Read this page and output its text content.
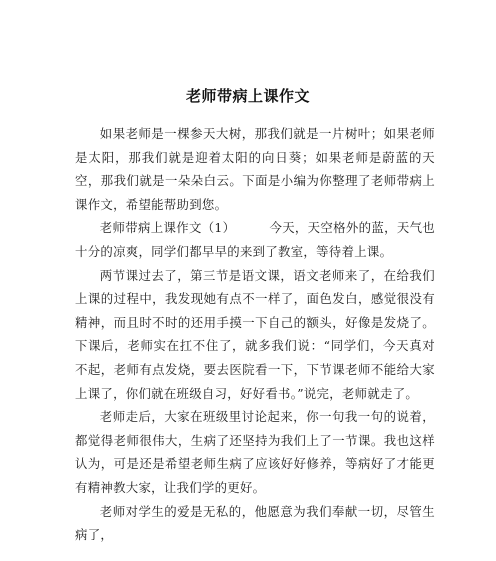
老师带病上课作文

如果老师是一棵参天大树，那我们就是一片树叶；如果老师是太阳，那我们就是迎着太阳的向日葵；如果老师是蔚蓝的天空，那我们就是一朵朵白云。下面是小编为你整理了老师带病上课作文，希望能帮助到您。

老师带病上课作文（1）	今天，天空格外的蓝，天气也十分的凉爽，同学们都早早的来到了教室，等待着上课。

两节课过去了，第三节是语文课，语文老师来了，在给我们上课的过程中，我发现她有点不一样了，面色发白，感觉很没有精神，而且时不时的还用手摸一下自己的额头，好像是发烧了。下课后，老师实在扛不住了，就多我们说：“同学们，今天真对不起，老师有点发烧，要去医院看一下，下节课老师不能给大家上课了，你们就在班级自习，好好看书。”说完，老师就走了。

老师走后，大家在班级里讨论起来，你一句我一句的说着，都觉得老师很伟大，生病了还坚持为我们上了一节课。我也这样认为，可是还是希望老师生病了应该好好修养，等病好了才能更有精神教大家，让我们学的更好。

老师对学生的爱是无私的，他愿意为我们奉献一切，尽管生病了，
